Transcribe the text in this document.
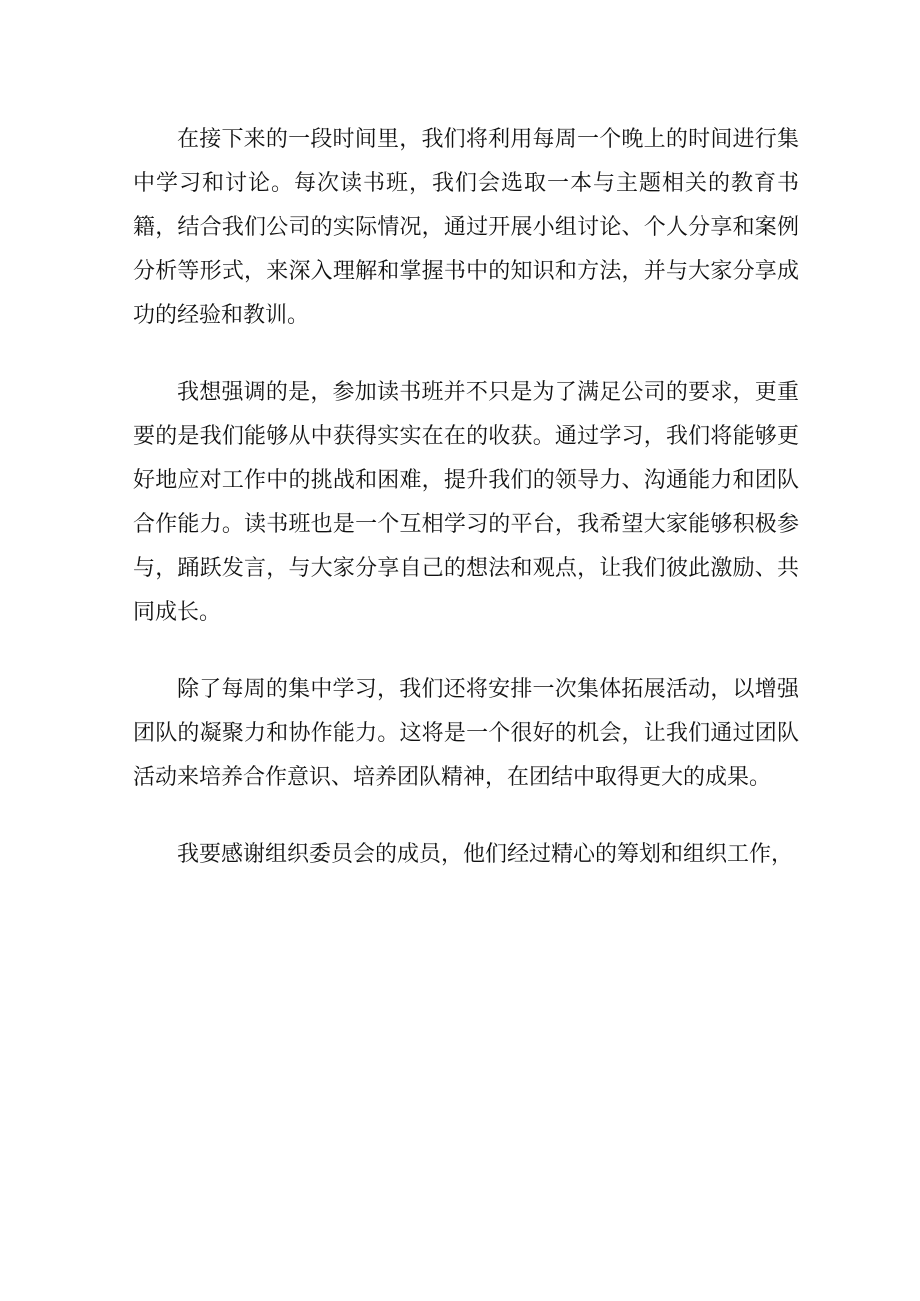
在接下来的一段时间里，我们将利用每周一个晚上的时间进行集中学习和讨论。每次读书班，我们会选取一本与主题相关的教育书籍，结合我们公司的实际情况，通过开展小组讨论、个人分享和案例分析等形式，来深入理解和掌握书中的知识和方法，并与大家分享成功的经验和教训。

我想强调的是，参加读书班并不只是为了满足公司的要求，更重要的是我们能够从中获得实实在在的收获。通过学习，我们将能够更好地应对工作中的挑战和困难，提升我们的领导力、沟通能力和团队合作能力。读书班也是一个互相学习的平台，我希望大家能够积极参与，踊跃发言，与大家分享自己的想法和观点，让我们彼此激励、共同成长。

除了每周的集中学习，我们还将安排一次集体拓展活动，以增强团队的凝聚力和协作能力。这将是一个很好的机会，让我们通过团队活动来培养合作意识、培养团队精神，在团结中取得更大的成果。

我要感谢组织委员会的成员，他们经过精心的筹划和组织工作，
